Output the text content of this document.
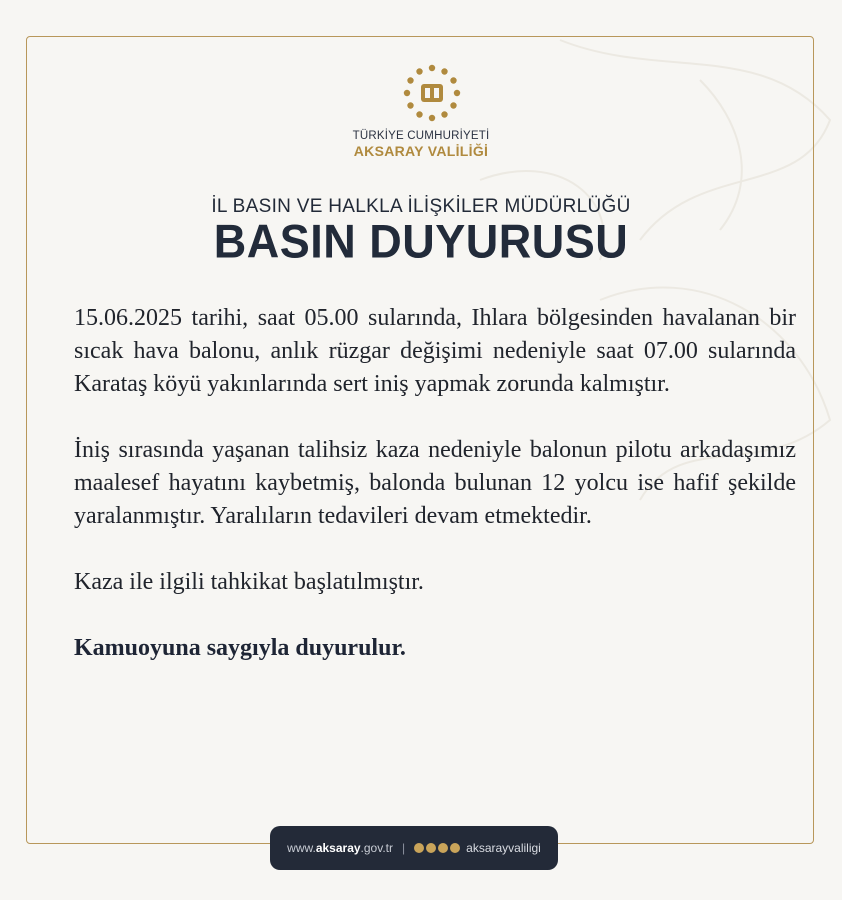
TÜRKİYE CUMHURİYETİ
AKSARAY VALİLİĞİ
İL BASIN VE HALKLA İLİŞKİLER MÜDÜRLÜĞÜ
BASIN DUYURUSU

15.06.2025 tarihi, saat 05.00 sularında, Ihlara bölgesinden havalanan bir sıcak hava balonu, anlık rüzgar değişimi nedeniyle saat 07.00 sularında Karataş köyü yakınlarında sert iniş yapmak zorunda kalmıştır.

İniş sırasında yaşanan talihsiz kaza nedeniyle balonun pilotu arkadaşımız maalesef hayatını kaybetmiş, balonda bulunan 12 yolcu ise hafif şekilde yaralanmıştır. Yaralıların tedavileri devam etmektedir.

Kaza ile ilgili tahkikat başlatılmıştır.

Kamuoyuna saygıyla duyurulur.

www.aksaray.gov.tr |	aksarayvaliligi
